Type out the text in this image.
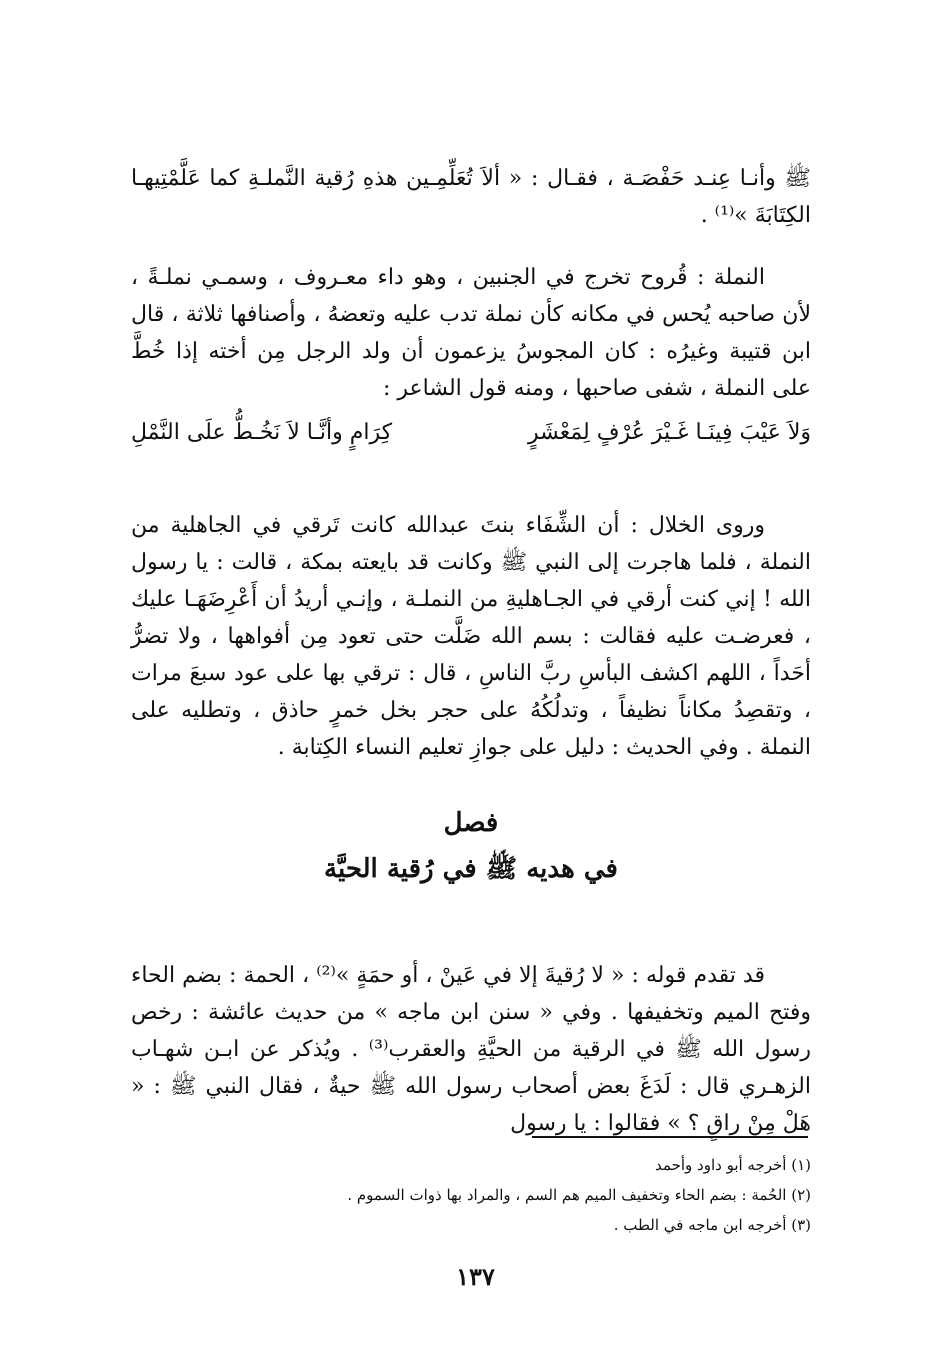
ﷺ وأنـا عِنـد حَفْصَـة ، فقـال : « ألاَ تُعَلِّمِـين هذهِ رُقية النَّملـةِ كما عَلَّمْتِيهـا الكِتَابَةَ »⁽¹⁾ .

النملة : قُروح تخرج في الجنبين ، وهو داء معـروف ، وسمـي نملـةً ، لأن صاحبه يُحس في مكانه كأن نملة تدب عليه وتعضهُ ، وأصنافها ثلاثة ، قال ابن قتيبة وغيرُه : كان المجوسُ يزعمون أن ولد الرجل مِن أخته إذا خُطَّ على النملة ، شفى صاحبها ، ومنه قول الشاعر :

وَلاَ عَيْبَ فِينَـا غَـيْرَ عُرْفٍ لِمَعْشَرٍ
كِرَامٍ وأنَّـا لاَ نَخُـطُّ علَى النَّمْلِ

وروى الخلال : أن الشِّفَاء بنتَ عبدالله كانت تَرقي في الجاهلية من النملة ، فلما هاجرت إلى النبي ﷺ وكانت قد بايعته بمكة ، قالت : يا رسول الله ! إني كنت أرقي في الجـاهليةِ من النملـة ، وإنـي أريدُ أن أَعْرِضَهَـا عليك ، فعرضـت عليه فقالت : بسم الله ضَلَّت حتى تعود مِن أفواهها ، ولا تضرُّ أحَداً ، اللهم اكشف البأسِ ربَّ الناسِ ، قال : ترقي بها على عود سبعَ مرات ، وتقصِدُ مكاناً نظيفاً ، وتدلُكُهُ على حجر بخل خمرٍ حاذق ، وتطليه على النملة . وفي الحديث : دليل على جوازِ تعليم النساء الكِتابة .

فصل
في هديه ﷺ في رُقية الحيَّة

قد تقدم قوله : « لا رُقيةَ إلا في عَينْ ، أو حمَةٍ »⁽²⁾ ، الحمة : بضم الحاء وفتح الميم وتخفيفها . وفي « سنن ابن ماجه » من حديث عائشة : رخص رسول الله ﷺ في الرقية من الحيَّةِ والعقرب⁽³⁾ . ويُذكر عن ابـن شهـاب الزهـري قال : لَدَغَ بعض أصحاب رسول الله ﷺ حيةٌ ، فقال النبي ﷺ : « هَلْ مِنْ راقٍ ؟ » فقالوا : يا رسول

(١) أخرجه أبو داود وأحمد
(٢) الحُمة : بضم الحاء وتخفيف الميم هم السم ، والمراد بها ذوات السموم .
(٣) أخرجه ابن ماجه في الطب .
١٣٧
